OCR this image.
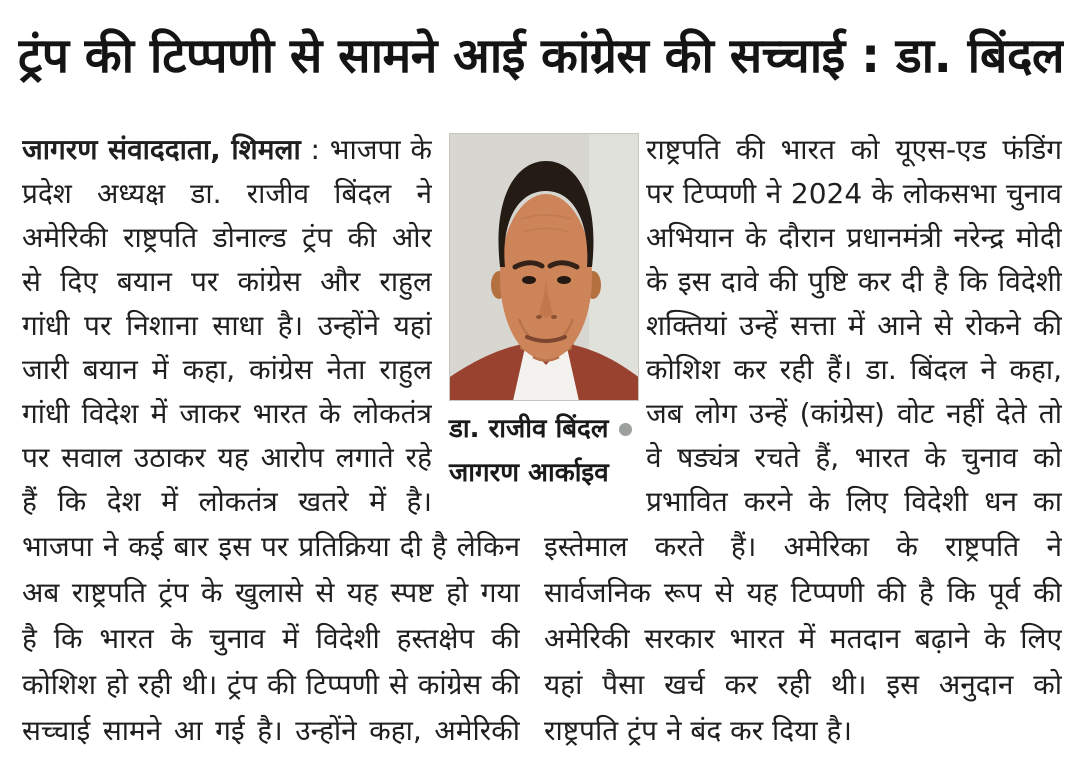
ट्रंप की टिप्पणी से सामने आई कांग्रेस की सच्चाई : डा. बिंदल
जागरण संवाददाता, शिमला : भाजपा के
प्रदेश अध्यक्ष डा. राजीव बिंदल ने
अमेरिकी राष्ट्रपति डोनाल्ड ट्रंप की ओर
से दिए बयान पर कांग्रेस और राहुल
गांधी पर निशाना साधा है। उन्होंने यहां
जारी बयान में कहा, कांग्रेस नेता राहुल
गांधी विदेश में जाकर भारत के लोकतंत्र
पर सवाल उठाकर यह आरोप लगाते रहे
हैं कि देश में लोकतंत्र खतरे में है।
डा. राजीव बिंदल
जागरण आर्काइव
राष्ट्रपति की भारत को यूएस-एड फंडिंग
पर टिप्पणी ने 2024 के लोकसभा चुनाव
अभियान के दौरान प्रधानमंत्री नरेन्द्र मोदी
के इस दावे की पुष्टि कर दी है कि विदेशी
शक्तियां उन्हें सत्ता में आने से रोकने की
कोशिश कर रही हैं। डा. बिंदल ने कहा,
जब लोग उन्हें (कांग्रेस) वोट नहीं देते तो
वे षड्यंत्र रचते हैं, भारत के चुनाव को
प्रभावित करने के लिए विदेशी धन का
भाजपा ने कई बार इस पर प्रतिक्रिया दी है लेकिन
अब राष्ट्रपति ट्रंप के खुलासे से यह स्पष्ट हो गया
है कि भारत के चुनाव में विदेशी हस्तक्षेप की
कोशिश हो रही थी। ट्रंप की टिप्पणी से कांग्रेस की
सच्चाई सामने आ गई है। उन्होंने कहा, अमेरिकी
इस्तेमाल करते हैं। अमेरिका के राष्ट्रपति ने
सार्वजनिक रूप से यह टिप्पणी की है कि पूर्व की
अमेरिकी सरकार भारत में मतदान बढ़ाने के लिए
यहां पैसा खर्च कर रही थी। इस अनुदान को
राष्ट्रपति ट्रंप ने बंद कर दिया है।
